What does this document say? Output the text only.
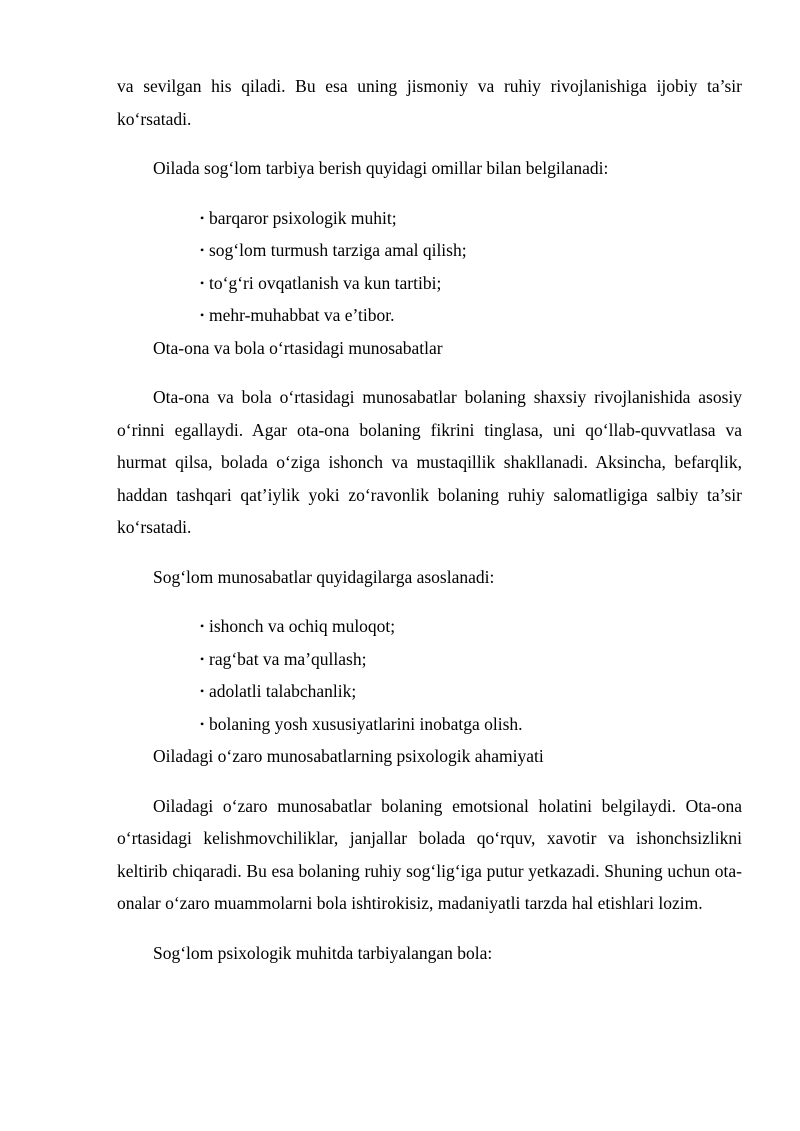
va sevilgan his qiladi. Bu esa uning jismoniy va ruhiy rivojlanishiga ijobiy ta’sir ko‘rsatadi.

Oilada sog‘lom tarbiya berish quyidagi omillar bilan belgilanadi:

• barqaror psixologik muhit;
• sog‘lom turmush tarziga amal qilish;
• to‘g‘ri ovqatlanish va kun tartibi;
• mehr-muhabbat va e’tibor.

Ota-ona va bola o‘rtasidagi munosabatlar

Ota-ona va bola o‘rtasidagi munosabatlar bolaning shaxsiy rivojlanishida asosiy o‘rinni egallaydi. Agar ota-ona bolaning fikrini tinglasa, uni qo‘llab-quvvatlasa va hurmat qilsa, bolada o‘ziga ishonch va mustaqillik shakllanadi. Aksincha, befarqlik, haddan tashqari qat’iylik yoki zo‘ravonlik bolaning ruhiy salomatligiga salbiy ta’sir ko‘rsatadi.

Sog‘lom munosabatlar quyidagilarga asoslanadi:

• ishonch va ochiq muloqot;
• rag‘bat va ma’qullash;
• adolatli talabchanlik;
• bolaning yosh xususiyatlarini inobatga olish.

Oiladagi o‘zaro munosabatlarning psixologik ahamiyati

Oiladagi o‘zaro munosabatlar bolaning emotsional holatini belgilaydi. Ota-ona o‘rtasidagi kelishmovchiliklar, janjallar bolada qo‘rquv, xavotir va ishonchsizlikni keltirib chiqaradi. Bu esa bolaning ruhiy sog‘lig‘iga putur yetkazadi. Shuning uchun ota-onalar o‘zaro muammolarni bola ishtirokisiz, madaniyatli tarzda hal etishlari lozim.

Sog‘lom psixologik muhitda tarbiyalangan bola:
